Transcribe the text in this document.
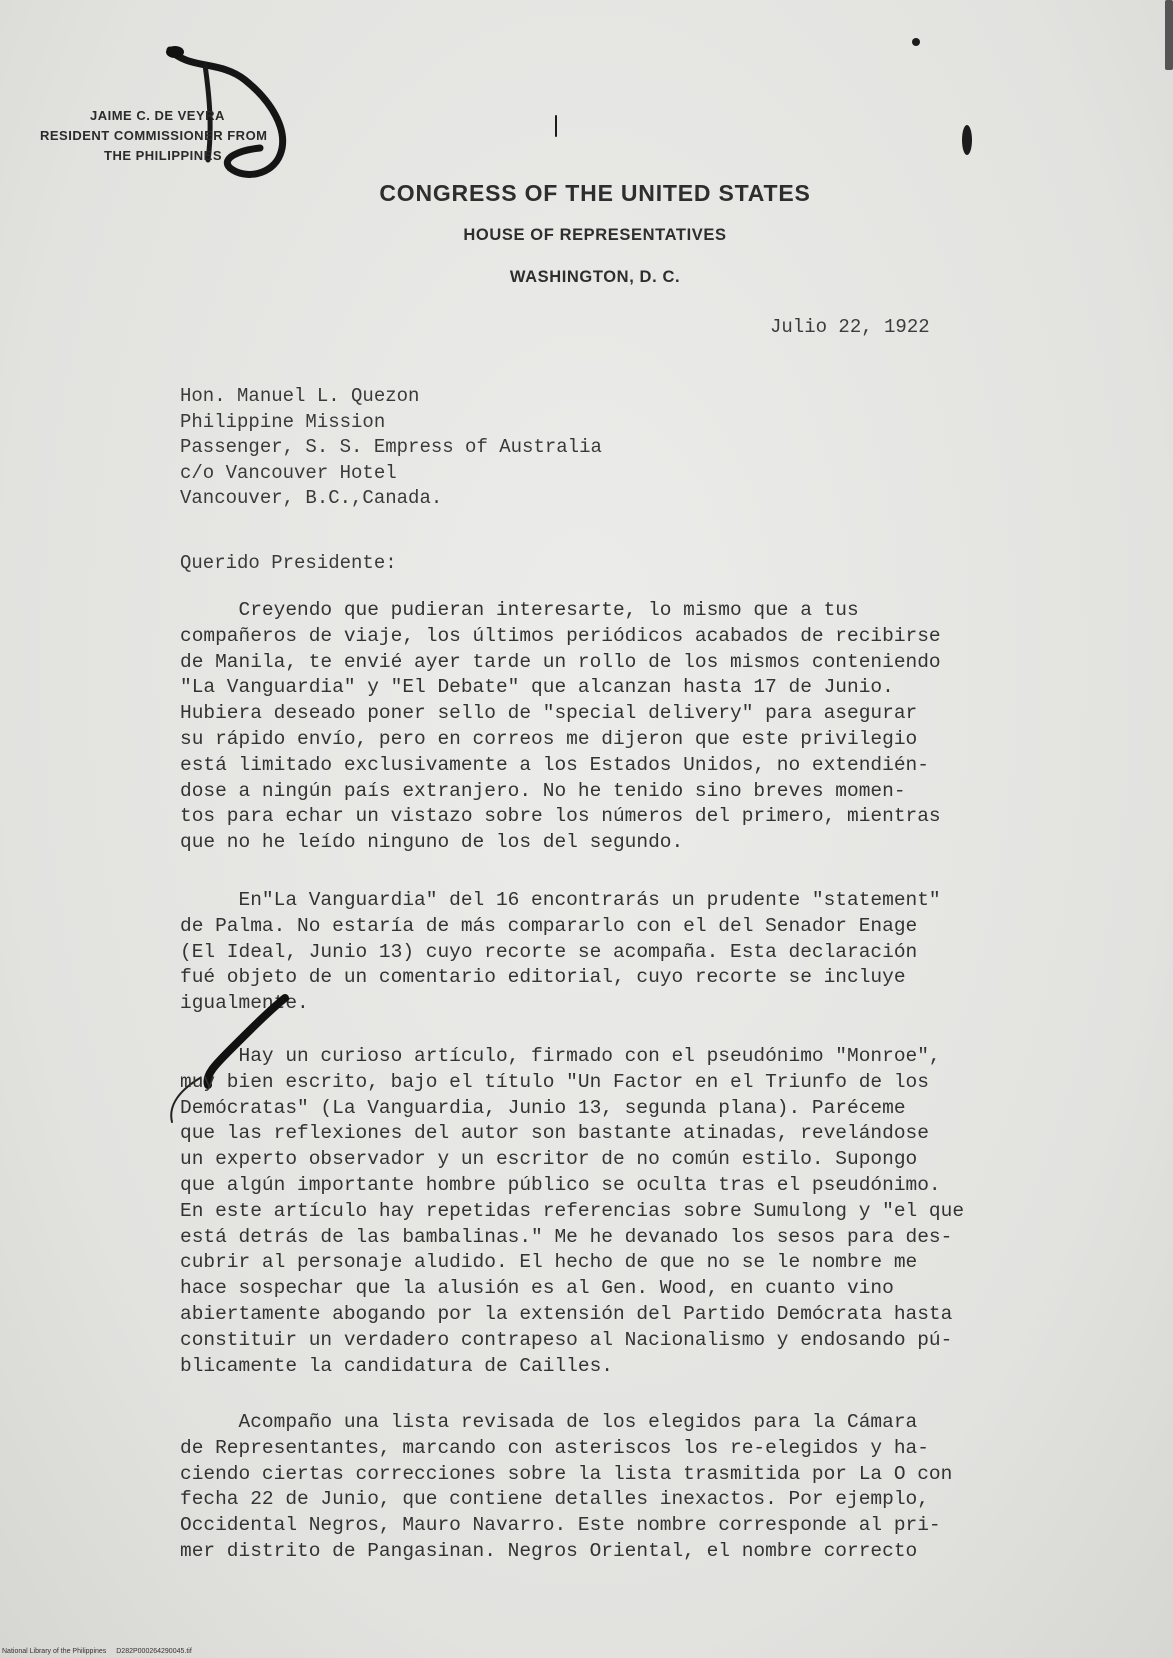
JAIME C. DE VEYRA
RESIDENT COMMISSIONER FROM
THE PHILIPPINES
CONGRESS OF THE UNITED STATES
HOUSE OF REPRESENTATIVES
WASHINGTON, D. C.
Julio 22, 1922
Hon. Manuel L. Quezon
Philippine Mission
Passenger, S. S. Empress of Australia
c/o Vancouver Hotel
Vancouver, B.C.,Canada.
Querido Presidente:
Creyendo que pudieran interesarte, lo mismo que a tus
compañeros de viaje, los últimos periódicos acabados de recibirse
de Manila, te envié ayer tarde un rollo de los mismos conteniendo
"La Vanguardia" y "El Debate" que alcanzan hasta 17 de Junio.
Hubiera deseado poner sello de "special delivery" para asegurar
su rápido envío, pero en correos me dijeron que este privilegio
está limitado exclusivamente a los Estados Unidos, no extendién-
dose a ningún país extranjero. No he tenido sino breves momen-
tos para echar un vistazo sobre los números del primero, mientras
que no he leído ninguno de los del segundo.
En"La Vanguardia" del 16 encontrarás un prudente "statement"
de Palma. No estaría de más compararlo con el del Senador Enage
(El Ideal, Junio 13) cuyo recorte se acompaña. Esta declaración
fué objeto de un comentario editorial, cuyo recorte se incluye
igualmente.
Hay un curioso artículo, firmado con el pseudónimo "Monroe",
muy bien escrito, bajo el título "Un Factor en el Triunfo de los
Demócratas" (La Vanguardia, Junio 13, segunda plana). Paréceme
que las reflexiones del autor son bastante atinadas, revelándose
un experto observador y un escritor de no común estilo. Supongo
que algún importante hombre público se oculta tras el pseudónimo.
En este artículo hay repetidas referencias sobre Sumulong y "el que
está detrás de las bambalinas." Me he devanado los sesos para des-
cubrir al personaje aludido. El hecho de que no se le nombre me
hace sospechar que la alusión es al Gen. Wood, en cuanto vino
abiertamente abogando por la extensión del Partido Demócrata hasta
constituir un verdadero contrapeso al Nacionalismo y endosando pú-
blicamente la candidatura de Cailles.
Acompaño una lista revisada de los elegidos para la Cámara
de Representantes, marcando con asteriscos los re-elegidos y ha-
ciendo ciertas correcciones sobre la lista trasmitida por La O con
fecha 22 de Junio, que contiene detalles inexactos. Por ejemplo,
Occidental Negros, Mauro Navarro. Este nombre corresponde al pri-
mer distrito de Pangasinan. Negros Oriental, el nombre correcto
National Library of the Philippines D282P000264290045.tif
